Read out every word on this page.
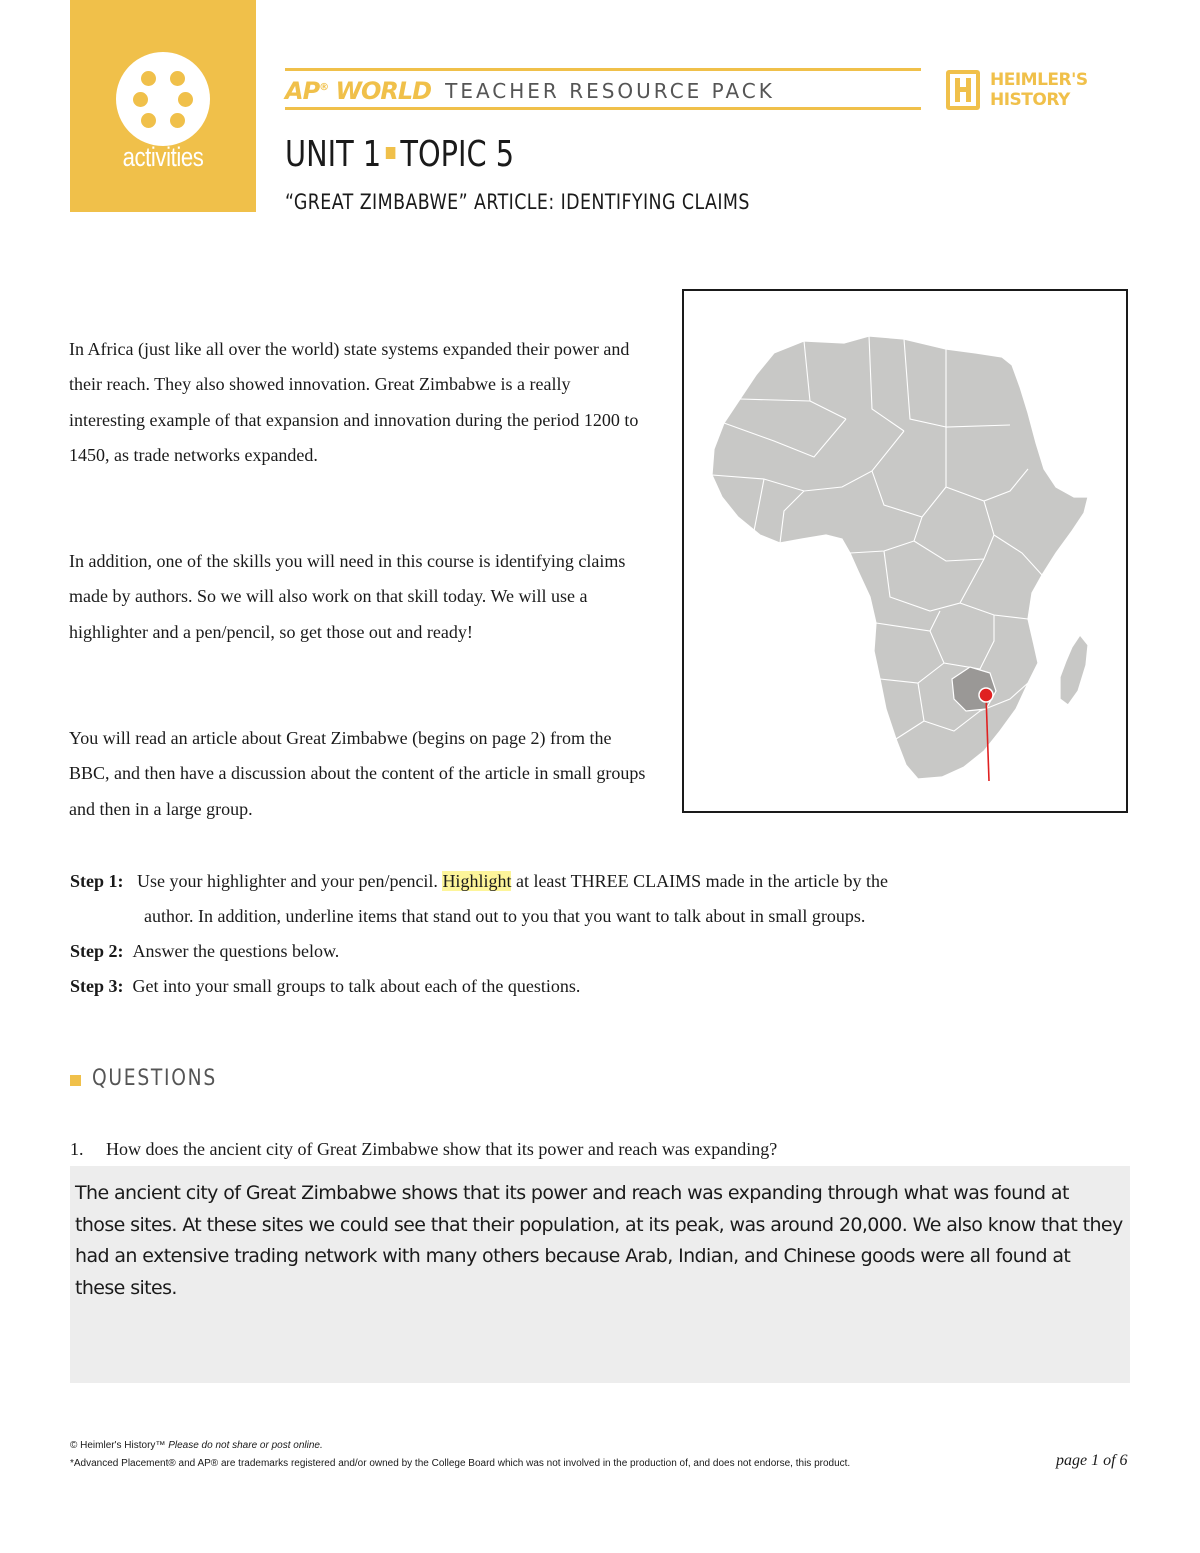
activities
AP® WORLD TEACHER RESOURCE PACK	HEIMLER'S
HISTORY
UNIT 1 TOPIC 5
“GREAT ZIMBABWE” ARTICLE: IDENTIFYING CLAIMS
In Africa (just like all over the world) state systems expanded their power and their reach. They also showed innovation. Great Zimbabwe is a really interesting example of that expansion and innovation during the period 1200 to 1450, as trade networks expanded.
In addition, one of the skills you will need in this course is identifying claims made by authors. So we will also work on that skill today. We will use a highlighter and a pen/pencil, so get those out and ready!
You will read an article about Great Zimbabwe (begins on page 2) from the BBC, and then have a discussion about the content of the article in small groups and then in a large group.
Step 1: Use your highlighter and your pen/pencil. Highlight at least THREE CLAIMS made in the article by the
author. In addition, underline items that stand out to you that you want to talk about in small groups.
Step 2: Answer the questions below.
Step 3: Get into your small groups to talk about each of the questions.
QUESTIONS
1. How does the ancient city of Great Zimbabwe show that its power and reach was expanding?
The ancient city of Great Zimbabwe shows that its power and reach was expanding through what was found at those sites. At these sites we could see that their population, at its peak, was around 20,000. We also know that they had an extensive trading network with many others because Arab, Indian, and Chinese goods were all found at these sites.
© Heimler's History™ Please do not share or post online.
*Advanced Placement® and AP® are trademarks registered and/or owned by the College Board which was not involved in the production of, and does not endorse, this product.	page 1 of 6
